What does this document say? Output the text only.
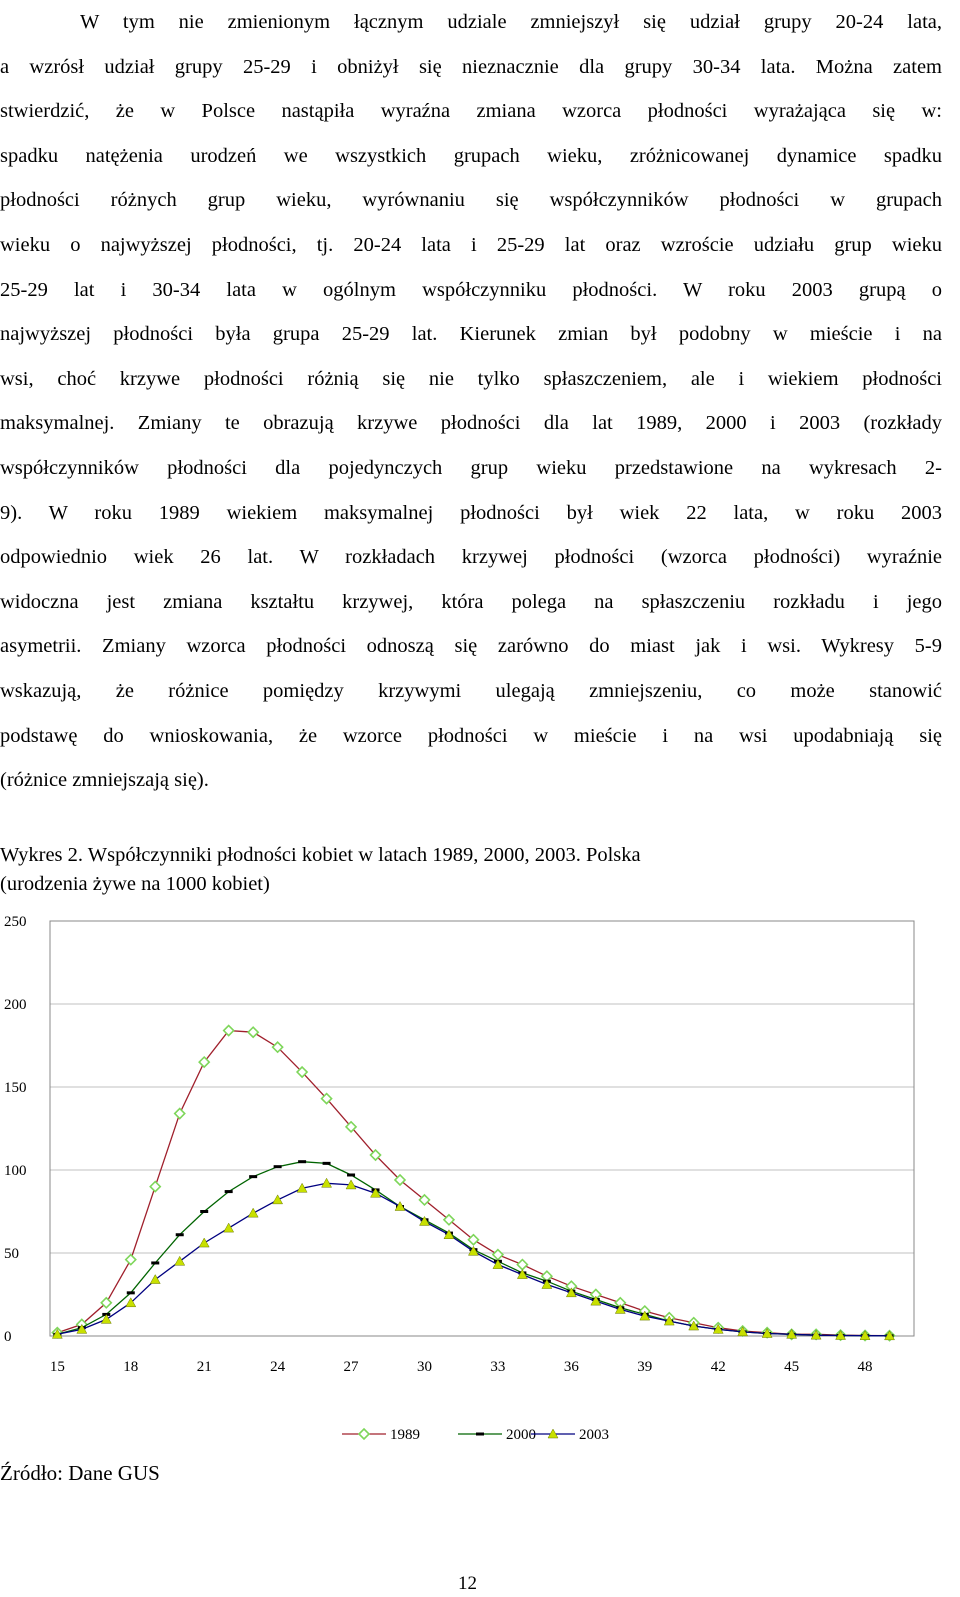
W tym nie zmienionym łącznym udziale zmniejszył się udział grupy 20-24 lata,
a wzrósł udział grupy 25-29 i obniżył się nieznacznie dla grupy 30-34 lata. Można zatem
stwierdzić, że w Polsce nastąpiła wyraźna zmiana wzorca płodności wyrażająca się w:
spadku natężenia urodzeń we wszystkich grupach wieku, zróżnicowanej dynamice spadku
płodności różnych grup wieku, wyrównaniu się współczynników płodności w grupach
wieku o najwyższej płodności, tj. 20-24 lata i 25-29 lat oraz wzroście udziału grup wieku
25-29 lat i 30-34 lata w ogólnym współczynniku płodności. W roku 2003 grupą o
najwyższej płodności była grupa 25-29 lat. Kierunek zmian był podobny w mieście i na
wsi, choć krzywe płodności różnią się nie tylko spłaszczeniem, ale i wiekiem płodności
maksymalnej. Zmiany te obrazują krzywe płodności dla lat 1989, 2000 i 2003 (rozkłady
współczynników płodności dla pojedynczych grup wieku przedstawione na wykresach 2-
9). W roku 1989 wiekiem maksymalnej płodności był wiek 22 lata, w roku 2003
odpowiednio wiek 26 lat. W rozkładach krzywej płodności (wzorca płodności) wyraźnie
widoczna jest zmiana kształtu krzywej, która polega na spłaszczeniu rozkładu i jego
asymetrii. Zmiany wzorca płodności odnoszą się zarówno do miast jak i wsi. Wykresy 5-9
wskazują, że różnice pomiędzy krzywymi ulegają zmniejszeniu, co może stanowić
podstawę do wnioskowania, że wzorce płodności w mieście i na wsi upodabniają się
(różnice zmniejszają się).
Wykres 2. Współczynniki płodności kobiet w latach 1989, 2000, 2003. Polska
(urodzenia żywe na 1000 kobiet)
0
50
100
150
200
250
15	18	21	24	27	30	33	36	39	42	45	48
1989	2000	2003
Źródło: Dane GUS
12
